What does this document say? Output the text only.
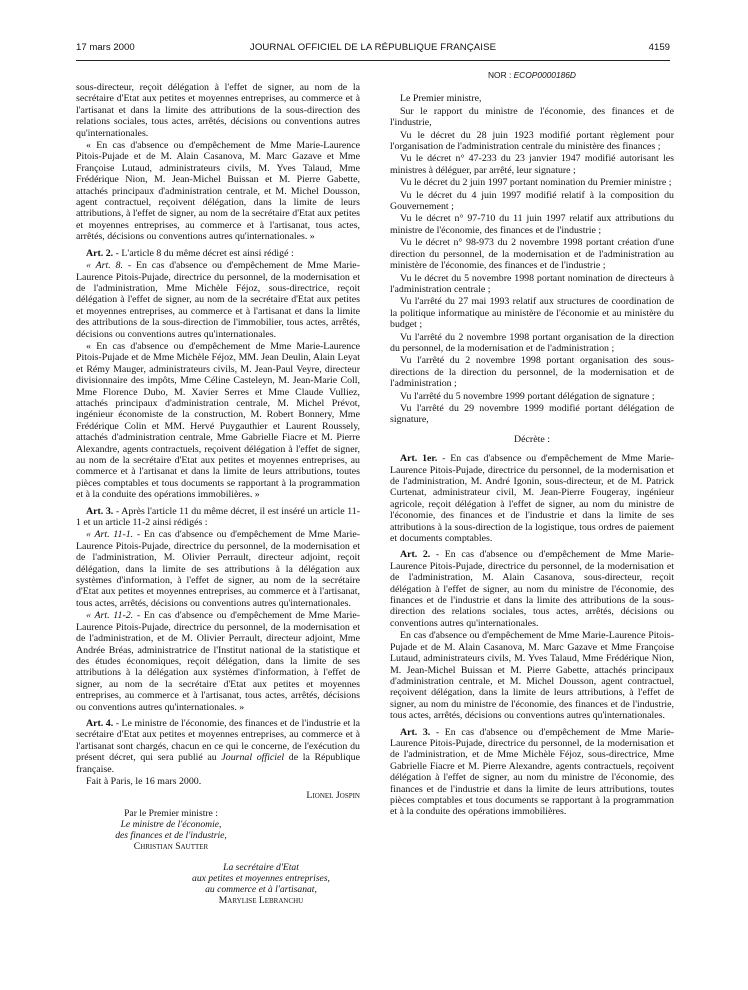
17 mars 2000	JOURNAL OFFICIEL DE LA RÉPUBLIQUE FRANÇAISE	4159

sous-directeur, reçoit délégation à l'effet de signer, au nom de la secrétaire d'Etat aux petites et moyennes entreprises, au commerce et à l'artisanat et dans la limite des attributions de la sous-direction des relations sociales, tous actes, arrêtés, décisions ou conventions autres qu'internationales.

« En cas d'absence ou d'empêchement de Mme Marie-Laurence Pitois-Pujade et de M. Alain Casanova, M. Marc Gazave et Mme Françoise Lutaud, administrateurs civils, M. Yves Talaud, Mme Frédérique Nion, M. Jean-Michel Buissan et M. Pierre Gabette, attachés principaux d'administration centrale, et M. Michel Dousson, agent contractuel, reçoivent délégation, dans la limite de leurs attributions, à l'effet de signer, au nom de la secrétaire d'Etat aux petites et moyennes entreprises, au commerce et à l'artisanat, tous actes, arrêtés, décisions ou conventions autres qu'internationales. »

Art. 2. - L'article 8 du même décret est ainsi rédigé :

« Art. 8. - En cas d'absence ou d'empêchement de Mme Marie-Laurence Pitois-Pujade, directrice du personnel, de la modernisation et de l'administration, Mme Michèle Féjoz, sous-directrice, reçoit délégation à l'effet de signer, au nom de la secrétaire d'Etat aux petites et moyennes entreprises, au commerce et à l'artisanat et dans la limite des attributions de la sous-direction de l'immobilier, tous actes, arrêtés, décisions ou conventions autres qu'internationales.

« En cas d'absence ou d'empêchement de Mme Marie-Laurence Pitois-Pujade et de Mme Michèle Féjoz, MM. Jean Deulin, Alain Leyat et Rémy Mauger, administrateurs civils, M. Jean-Paul Veyre, directeur divisionnaire des impôts, Mme Céline Casteleyn, M. Jean-Marie Coll, Mme Florence Dubo, M. Xavier Serres et Mme Claude Vulliez, attachés principaux d'administration centrale, M. Michel Prévot, ingénieur économiste de la construction, M. Robert Bonnery, Mme Frédérique Colin et MM. Hervé Puygauthier et Laurent Roussely, attachés d'administration centrale, Mme Gabrielle Fiacre et M. Pierre Alexandre, agents contractuels, reçoivent délégation à l'effet de signer, au nom de la secrétaire d'Etat aux petites et moyennes entreprises, au commerce et à l'artisanat et dans la limite de leurs attributions, toutes pièces comptables et tous documents se rapportant à la programmation et à la conduite des opérations immobilières. »

Art. 3. - Après l'article 11 du même décret, il est inséré un article 11-1 et un article 11-2 ainsi rédigés :

« Art. 11-1. - En cas d'absence ou d'empêchement de Mme Marie-Laurence Pitois-Pujade, directrice du personnel, de la modernisation et de l'administration, M. Olivier Perrault, directeur adjoint, reçoit délégation, dans la limite de ses attributions à la délégation aux systèmes d'information, à l'effet de signer, au nom de la secrétaire d'Etat aux petites et moyennes entreprises, au commerce et à l'artisanat, tous actes, arrêtés, décisions ou conventions autres qu'internationales.

« Art. 11-2. - En cas d'absence ou d'empêchement de Mme Marie-Laurence Pitois-Pujade, directrice du personnel, de la modernisation et de l'administration, et de M. Olivier Perrault, directeur adjoint, Mme Andrée Bréas, administratrice de l'Institut national de la statistique et des études économiques, reçoit délégation, dans la limite de ses attributions à la délégation aux systèmes d'information, à l'effet de signer, au nom de la secrétaire d'Etat aux petites et moyennes entreprises, au commerce et à l'artisanat, tous actes, arrêtés, décisions ou conventions autres qu'internationales. »

Art. 4. - Le ministre de l'économie, des finances et de l'industrie et la secrétaire d'Etat aux petites et moyennes entreprises, au commerce et à l'artisanat sont chargés, chacun en ce qui le concerne, de l'exécution du présent décret, qui sera publié au Journal officiel de la République française.

Fait à Paris, le 16 mars 2000.

Lionel Jospin
Par le Premier ministre :
Le ministre de l'économie,
des finances et de l'industrie,
Christian Sautter
La secrétaire d'Etat
aux petites et moyennes entreprises,
au commerce et à l'artisanat,
Marylise Lebranchu

NOR : ECOP0000186D

Le Premier ministre,

Sur le rapport du ministre de l'économie, des finances et de l'industrie,

Vu le décret du 28 juin 1923 modifié portant règlement pour l'organisation de l'administration centrale du ministère des finances ;

Vu le décret n° 47-233 du 23 janvier 1947 modifié autorisant les ministres à déléguer, par arrêté, leur signature ;

Vu le décret du 2 juin 1997 portant nomination du Premier ministre ;

Vu le décret du 4 juin 1997 modifié relatif à la composition du Gouvernement ;

Vu le décret n° 97-710 du 11 juin 1997 relatif aux attributions du ministre de l'économie, des finances et de l'industrie ;

Vu le décret n° 98-973 du 2 novembre 1998 portant création d'une direction du personnel, de la modernisation et de l'administration au ministère de l'économie, des finances et de l'industrie ;

Vu le décret du 5 novembre 1998 portant nomination de directeurs à l'administration centrale ;

Vu l'arrêté du 27 mai 1993 relatif aux structures de coordination de la politique informatique au ministère de l'économie et au ministère du budget ;

Vu l'arrêté du 2 novembre 1998 portant organisation de la direction du personnel, de la modernisation et de l'administration ;

Vu l'arrêté du 2 novembre 1998 portant organisation des sous-directions de la direction du personnel, de la modernisation et de l'administration ;

Vu l'arrêté du 5 novembre 1999 portant délégation de signature ;

Vu l'arrêté du 29 novembre 1999 modifié portant délégation de signature,

Décrète :

Art. 1er. - En cas d'absence ou d'empêchement de Mme Marie-Laurence Pitois-Pujade, directrice du personnel, de la modernisation et de l'administration, M. André Igonin, sous-directeur, et de M. Patrick Curtenat, administrateur civil, M. Jean-Pierre Fougeray, ingénieur agricole, reçoit délégation à l'effet de signer, au nom du ministre de l'économie, des finances et de l'industrie et dans la limite de ses attributions à la sous-direction de la logistique, tous ordres de paiement et documents comptables.

Art. 2. - En cas d'absence ou d'empêchement de Mme Marie-Laurence Pitois-Pujade, directrice du personnel, de la modernisation et de l'administration, M. Alain Casanova, sous-directeur, reçoit délégation à l'effet de signer, au nom du ministre de l'économie, des finances et de l'industrie et dans la limite des attributions de la sous-direction des relations sociales, tous actes, arrêtés, décisions ou conventions autres qu'internationales.

En cas d'absence ou d'empêchement de Mme Marie-Laurence Pitois-Pujade et de M. Alain Casanova, M. Marc Gazave et Mme Françoise Lutaud, administrateurs civils, M. Yves Talaud, Mme Frédérique Nion, M. Jean-Michel Buissan et M. Pierre Gabette, attachés principaux d'administration centrale, et M. Michel Dousson, agent contractuel, reçoivent délégation, dans la limite de leurs attributions, à l'effet de signer, au nom du ministre de l'économie, des finances et de l'industrie, tous actes, arrêtés, décisions ou conventions autres qu'internationales.

Art. 3. - En cas d'absence ou d'empêchement de Mme Marie-Laurence Pitois-Pujade, directrice du personnel, de la modernisation et de l'administration, et de Mme Michèle Féjoz, sous-directrice, Mme Gabrielle Fiacre et M. Pierre Alexandre, agents contractuels, reçoivent délégation à l'effet de signer, au nom du ministre de l'économie, des finances et de l'industrie et dans la limite de leurs attributions, toutes pièces comptables et tous documents se rapportant à la programmation et à la conduite des opérations immobilières.
